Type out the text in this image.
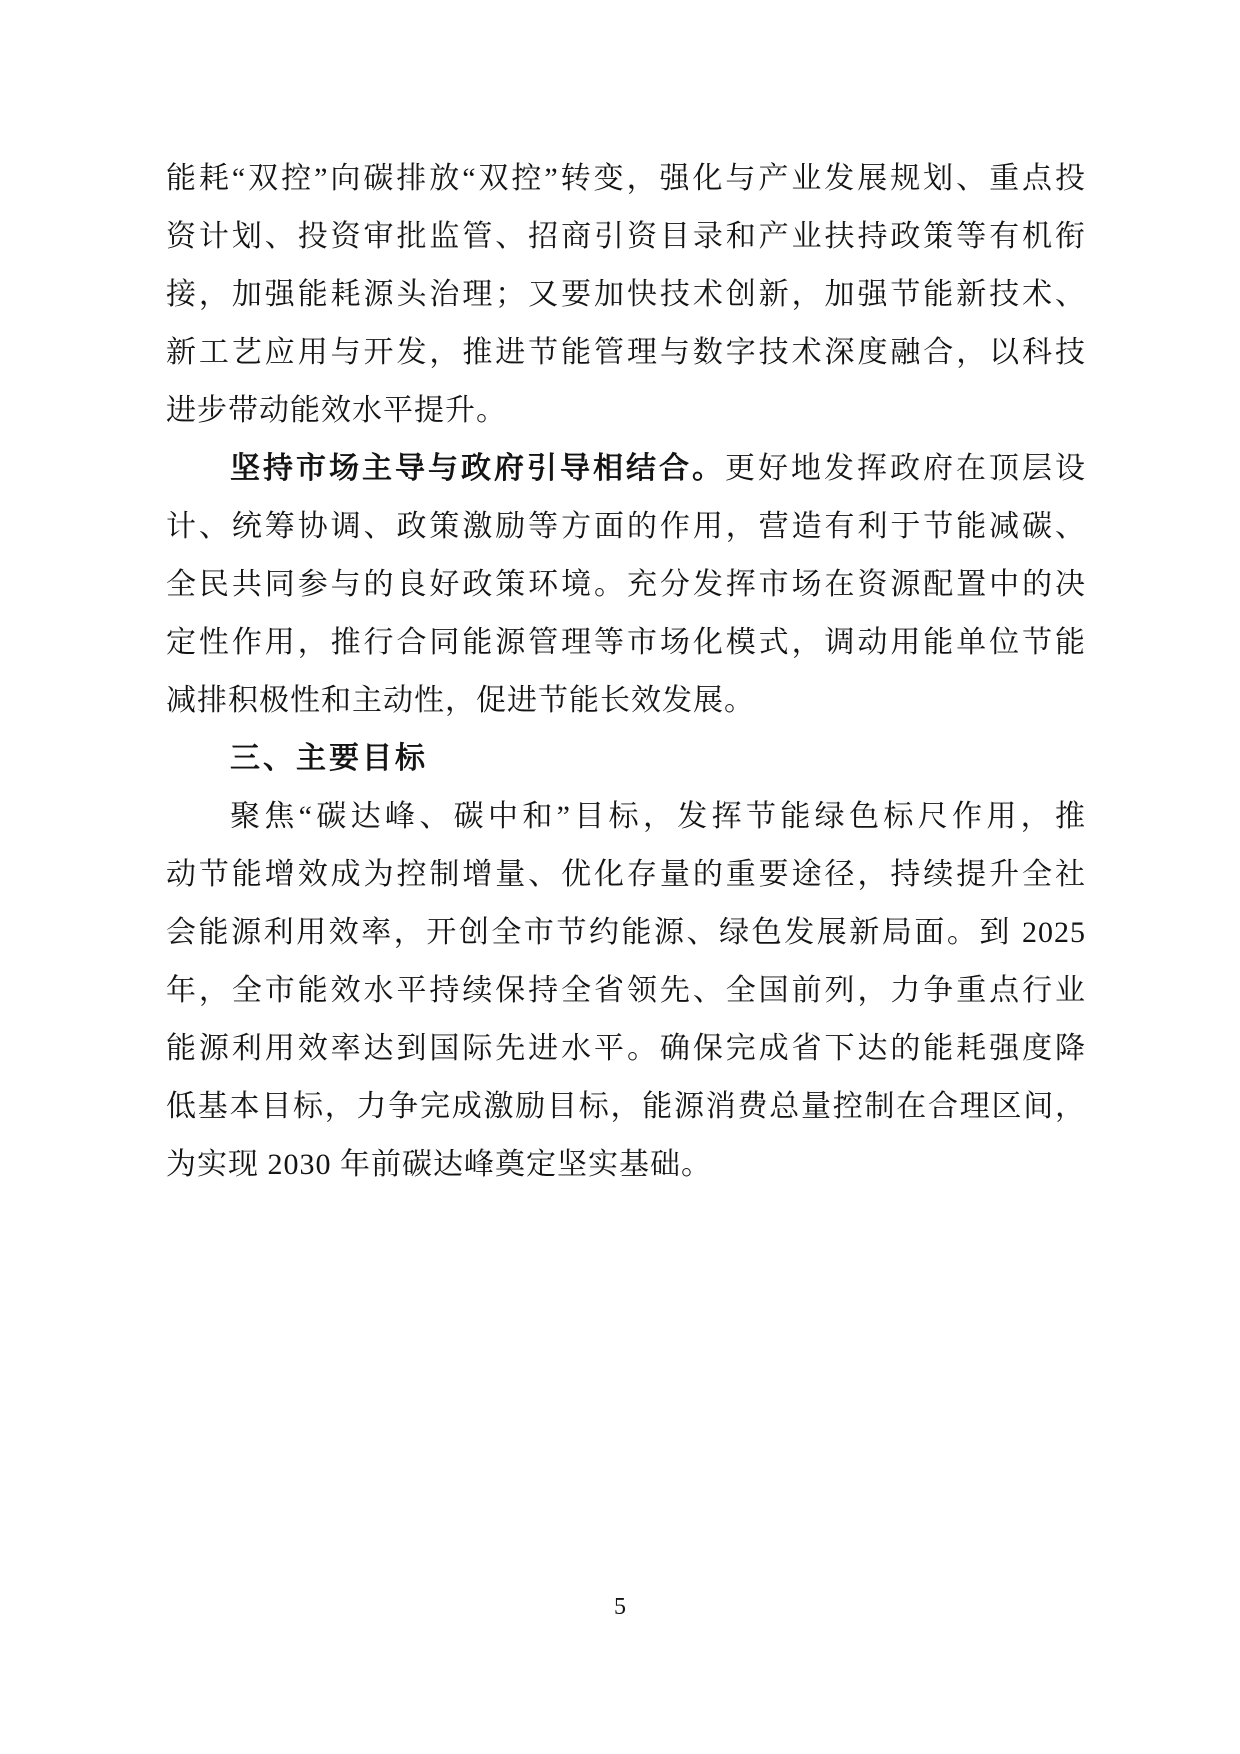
能耗“双控”向碳排放“双控”转变，强化与产业发展规划、重点投
资计划、投资审批监管、招商引资目录和产业扶持政策等有机衔
接，加强能耗源头治理；又要加快技术创新，加强节能新技术、
新工艺应用与开发，推进节能管理与数字技术深度融合，以科技
进步带动能效水平提升。
坚持市场主导与政府引导相结合。更好地发挥政府在顶层设
计、统筹协调、政策激励等方面的作用，营造有利于节能减碳、
全民共同参与的良好政策环境。充分发挥市场在资源配置中的决
定性作用，推行合同能源管理等市场化模式，调动用能单位节能
减排积极性和主动性，促进节能长效发展。
三、主要目标
聚焦“碳达峰、碳中和”目标，发挥节能绿色标尺作用，推
动节能增效成为控制增量、优化存量的重要途径，持续提升全社
会能源利用效率，开创全市节约能源、绿色发展新局面。到 2025
年，全市能效水平持续保持全省领先、全国前列，力争重点行业
能源利用效率达到国际先进水平。确保完成省下达的能耗强度降
低基本目标，力争完成激励目标，能源消费总量控制在合理区间，
为实现 2030 年前碳达峰奠定坚实基础。
5
